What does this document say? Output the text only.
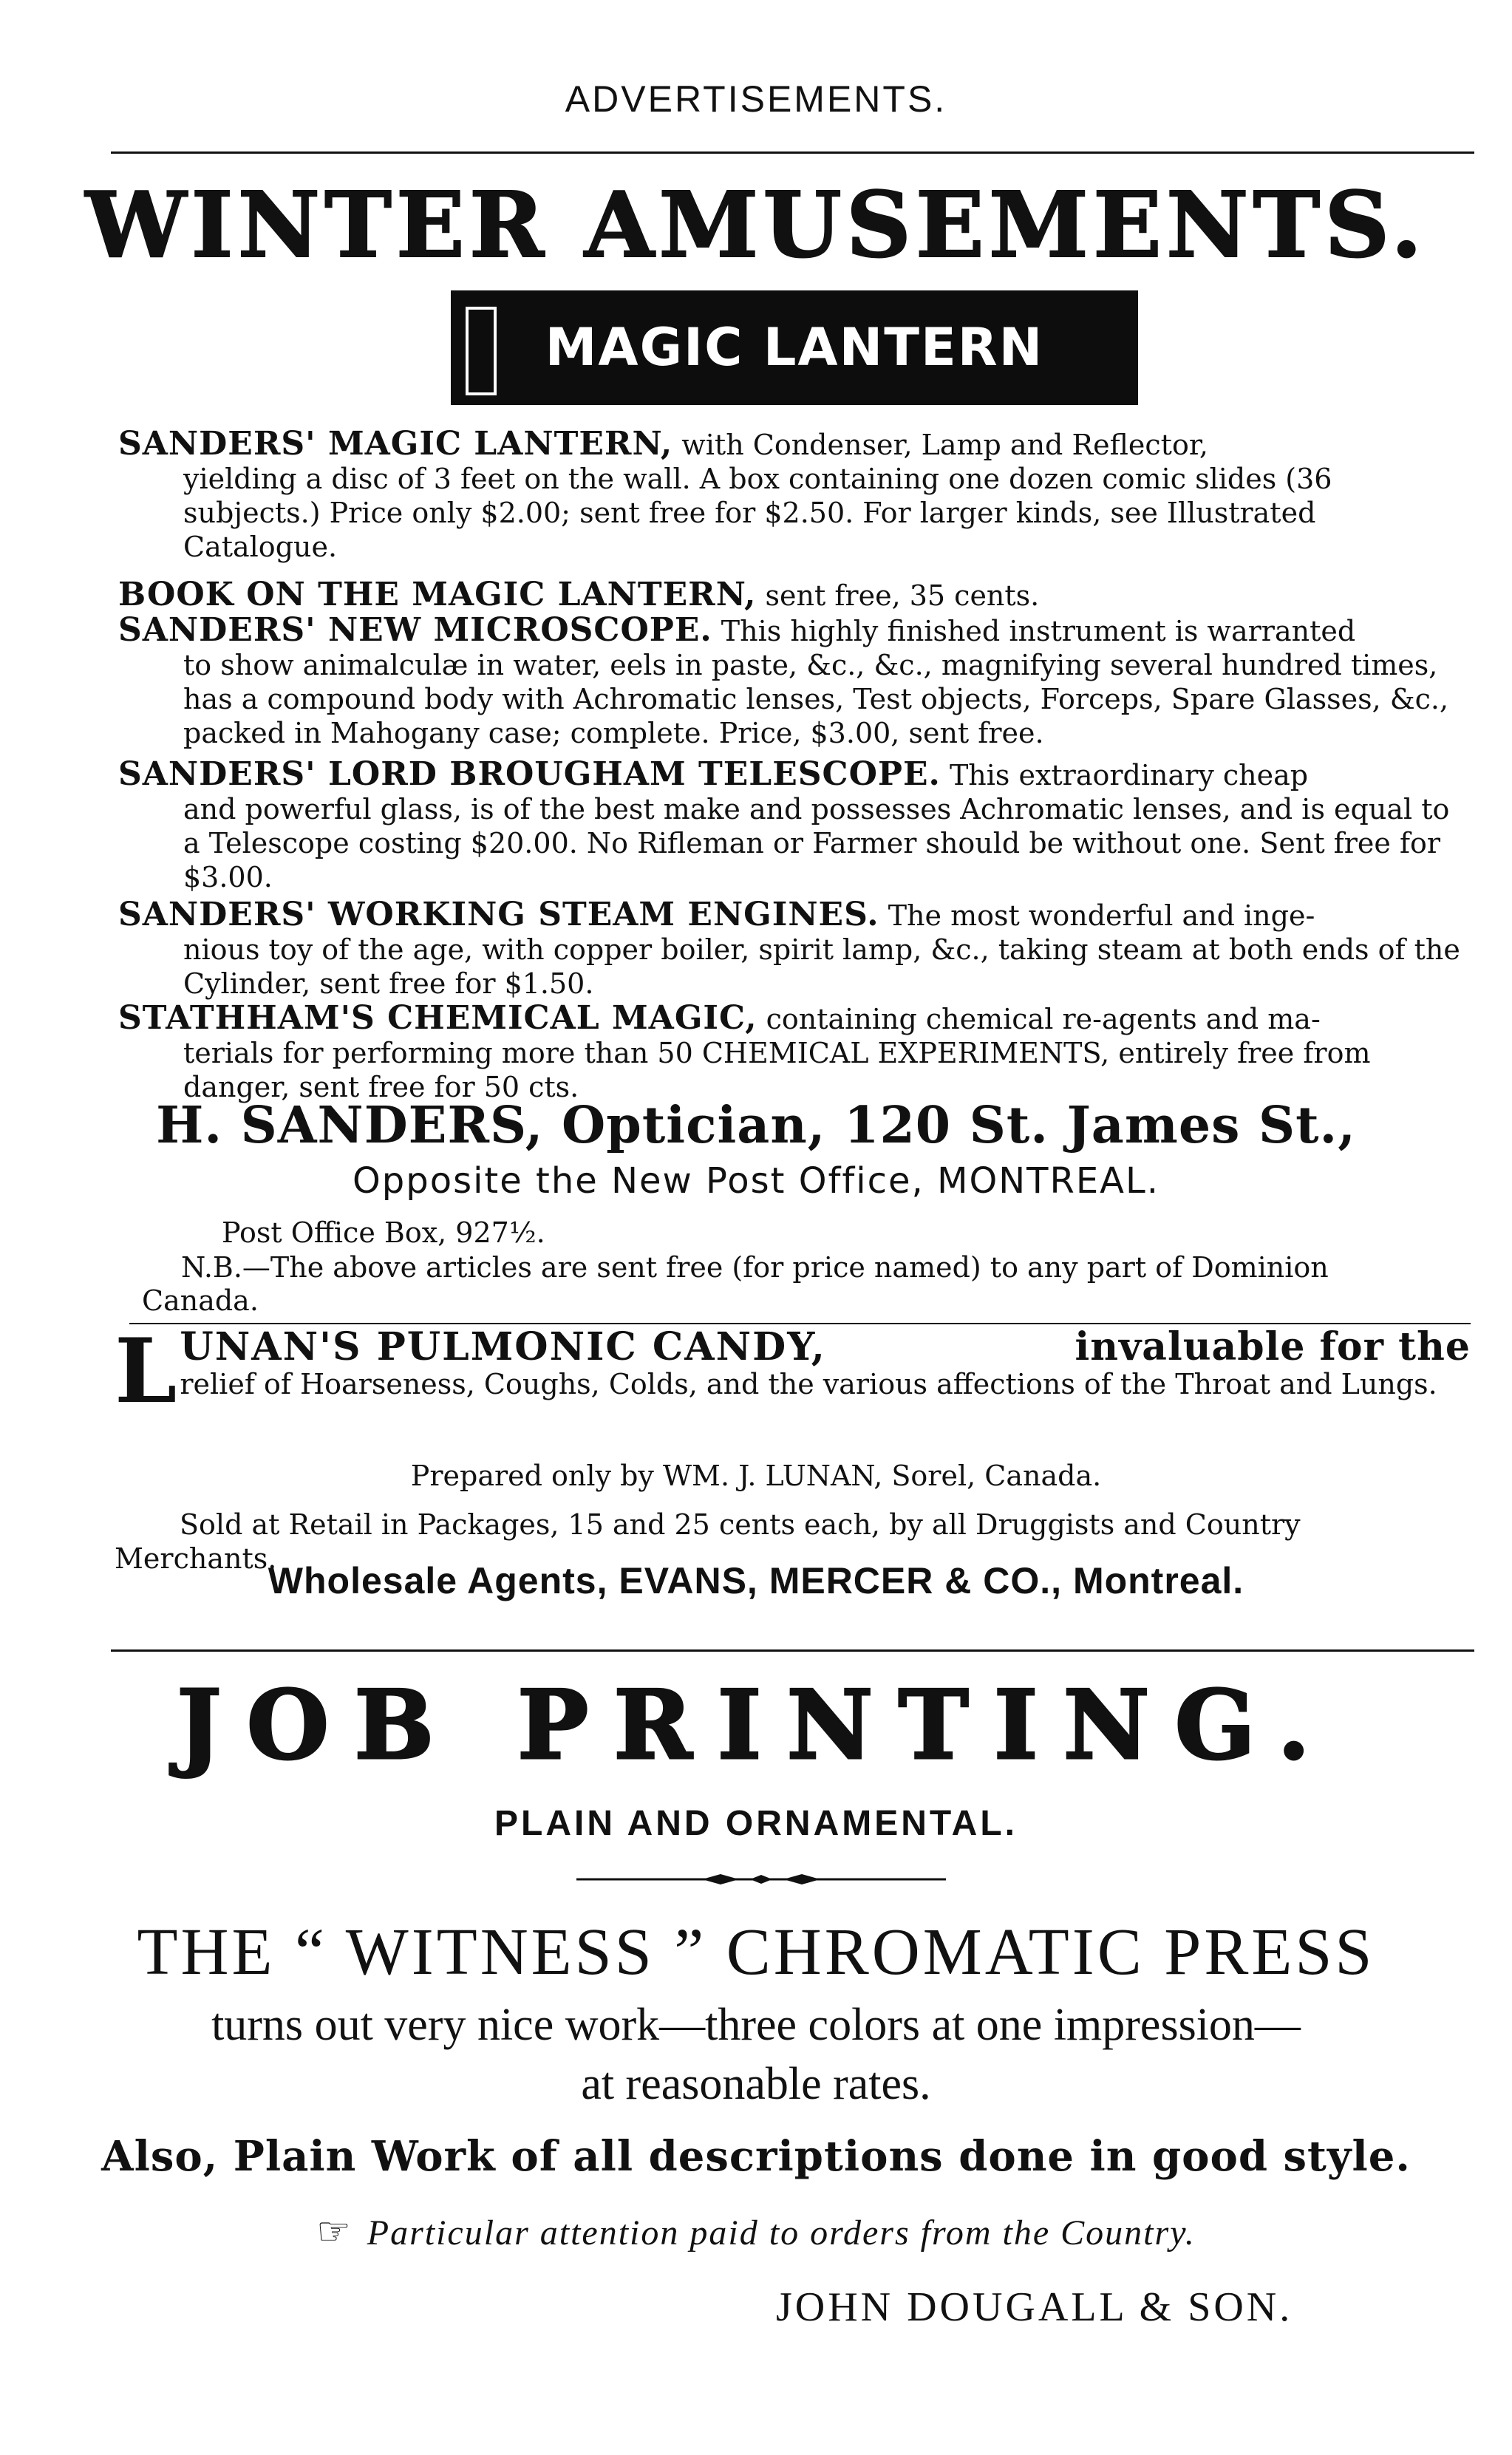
ADVERTISEMENTS.
WINTER AMUSEMENTS.
MAGIC LANTERN
SANDERS' MAGIC LANTERN, with Condenser, Lamp and Reflector,
yielding a disc of 3 feet on the wall. A box containing one dozen comic slides (36 subjects.) Price only $2.00; sent free for $2.50. For larger kinds, see Illustrated Catalogue.
BOOK ON THE MAGIC LANTERN, sent free, 35 cents.
SANDERS' NEW MICROSCOPE. This highly finished instrument is warranted
to show animalculæ in water, eels in paste, &c., &c., magnifying several hundred times, has a compound body with Achromatic lenses, Test objects, Forceps, Spare Glasses, &c., packed in Mahogany case; complete. Price, $3.00, sent free.
SANDERS' LORD BROUGHAM TELESCOPE. This extraordinary cheap
and powerful glass, is of the best make and possesses Achromatic lenses, and is equal to a Telescope costing $20.00. No Rifleman or Farmer should be without one. Sent free for $3.00.
SANDERS' WORKING STEAM ENGINES. The most wonderful and inge-
nious toy of the age, with copper boiler, spirit lamp, &c., taking steam at both ends of the Cylinder, sent free for $1.50.
STATHHAM'S CHEMICAL MAGIC, containing chemical re-agents and ma-
terials for performing more than 50 CHEMICAL EXPERIMENTS, entirely free from danger, sent free for 50 cts.
H. SANDERS, Optician, 120 St. James St.,
Opposite the New Post Office, MONTREAL.
Post Office Box, 927½.
N.B.—The above articles are sent free (for price named) to any part of Dominion
Canada.
L UNAN'S PULMONIC CANDY,	invaluable for the
relief of Hoarseness, Coughs, Colds, and the various affections of the Throat and Lungs.
Prepared only by WM. J. LUNAN, Sorel, Canada.
Sold at Retail in Packages, 15 and 25 cents each, by all Druggists and Country Merchants.
Wholesale Agents, EVANS, MERCER & CO., Montreal.
JOB PRINTING.
PLAIN AND ORNAMENTAL.
THE “ WITNESS ” CHROMATIC PRESS
turns out very nice work—three colors at one impression—
at reasonable rates.
Also, Plain Work of all descriptions done in good style.
☞ Particular attention paid to orders from the Country.
JOHN DOUGALL & SON.
